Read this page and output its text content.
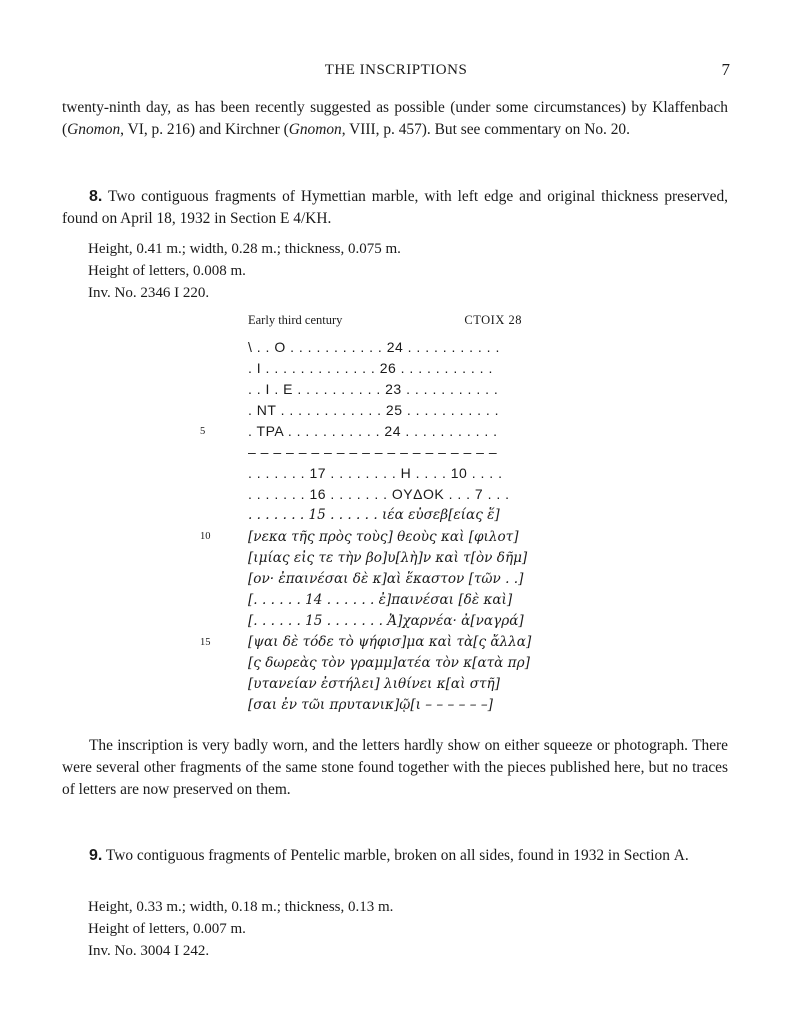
THE INSCRIPTIONS	7
twenty-ninth day, as has been recently suggested as possible (under some circumstances) by Klaffenbach (Gnomon, VI, p. 216) and Kirchner (Gnomon, VIII, p. 457). But see commentary on No. 20.
8. Two contiguous fragments of Hymettian marble, with left edge and original thickness preserved, found on April 18, 1932 in Section Ε 4/ΚΗ.
Height, 0.41 m.; width, 0.28 m.; thickness, 0.075 m.
Height of letters, 0.008 m.
Inv. No. 2346 I 220.
Early third century	CTOIX 28
5
10
15
\ . . O . . . . . . . . . . . 24 . . . . . . . . . . .
. I . . . . . . . . . . . . . 26 . . . . . . . . . . .
. . I . E . . . . . . . . . . 23 . . . . . . . . . . .
. NT . . . . . . . . . . . . 25 . . . . . . . . . . .
. TPA . . . . . . . . . . . 24 . . . . . . . . . . .
– – – – – – – – – – – – – – – – – – – –
. . . . . . . 17 . . . . . . . . H . . . . 10 . . . .
. . . . . . . 16 . . . . . . . OYΔOK . . . 7 . . .
. . . . . . . 15 . . . . . . ιέα εὐσεβ[είας ἕ]
[νεκα τῆς πρὸς τοὺς] θεοὺς καὶ [φιλοτ]
[ιμίας εἰς τε τὴν βο]υ[λὴ]ν καὶ τ[ὸν δῆμ]
[ον· ἐπαινέσαι δὲ κ]αὶ ἕκαστον [τῶν . .]
[. . . . . . 14 . . . . . . ἐ]παινέσαι [δὲ καὶ]
[. . . . . . 15 . . . . . . . Ἀ]χαρνέα· ἀ[ναγρά]
[ψαι δὲ τόδε τὸ ψήφισ]μα καὶ τὰ[ς ἄλλα]
[ς δωρεὰς τὸν γραμμ]ατέα τὸν κ[ατὰ πρ]
[υτανείαν ἐστήλει] λιθίνει κ[αὶ στῆ]
[σαι ἐν τῶι πρυτανικ]ῷ[ι – – – – – –]
The inscription is very badly worn, and the letters hardly show on either squeeze or photograph. There were several other fragments of the same stone found together with the pieces published here, but no traces of letters are now preserved on them.
9. Two contiguous fragments of Pentelic marble, broken on all sides, found in 1932 in Section Α.
Height, 0.33 m.; width, 0.18 m.; thickness, 0.13 m.
Height of letters, 0.007 m.
Inv. No. 3004 I 242.
